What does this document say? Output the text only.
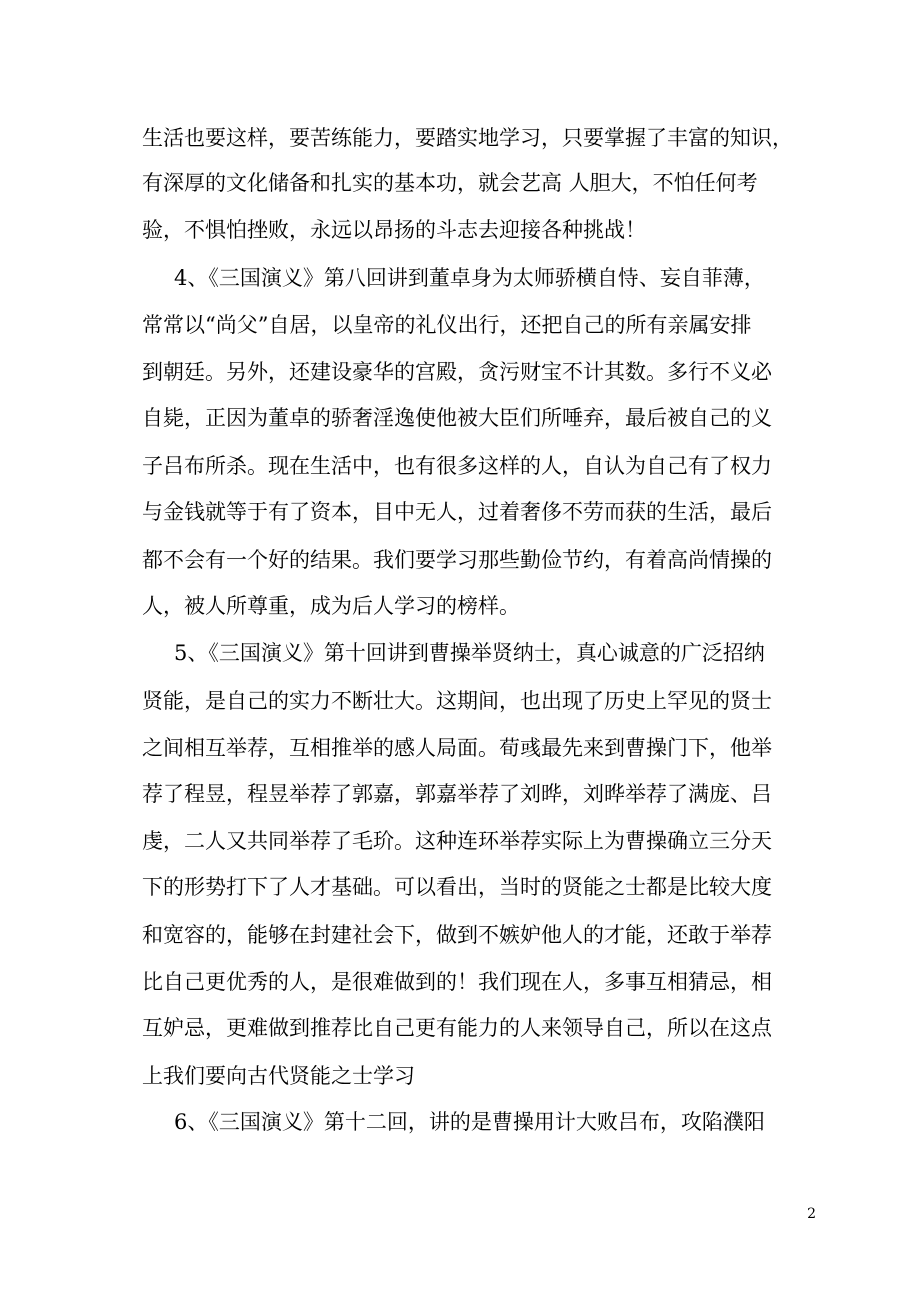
生活也要这样，要苦练能力，要踏实地学习，只要掌握了丰富的知识，
有深厚的文化储备和扎实的基本功，就会艺高 人胆大，不怕任何考
验，不惧怕挫败，永远以昂扬的斗志去迎接各种挑战！
4、《三国演义》第八回讲到董卓身为太师骄横自恃、妄自菲薄，
常常以“尚父”自居，以皇帝的礼仪出行，还把自己的所有亲属安排
到朝廷。另外，还建设豪华的宫殿，贪污财宝不计其数。多行不义必
自毙，正因为董卓的骄奢淫逸使他被大臣们所唾弃，最后被自己的义
子吕布所杀。现在生活中，也有很多这样的人，自认为自己有了权力
与金钱就等于有了资本，目中无人，过着奢侈不劳而获的生活，最后
都不会有一个好的结果。我们要学习那些勤俭节约，有着高尚情操的
人，被人所尊重，成为后人学习的榜样。
5、《三国演义》第十回讲到曹操举贤纳士，真心诚意的广泛招纳
贤能，是自己的实力不断壮大。这期间，也出现了历史上罕见的贤士
之间相互举荐，互相推举的感人局面。荀彧最先来到曹操门下，他举
荐了程昱，程昱举荐了郭嘉，郭嘉举荐了刘晔，刘晔举荐了满庞、吕
虔，二人又共同举荐了毛玠。这种连环举荐实际上为曹操确立三分天
下的形势打下了人才基础。可以看出，当时的贤能之士都是比较大度
和宽容的，能够在封建社会下，做到不嫉妒他人的才能，还敢于举荐
比自己更优秀的人，是很难做到的！我们现在人，多事互相猜忌，相
互妒忌，更难做到推荐比自己更有能力的人来领导自己，所以在这点
上我们要向古代贤能之士学习
6、《三国演义》第十二回，讲的是曹操用计大败吕布，攻陷濮阳
2
